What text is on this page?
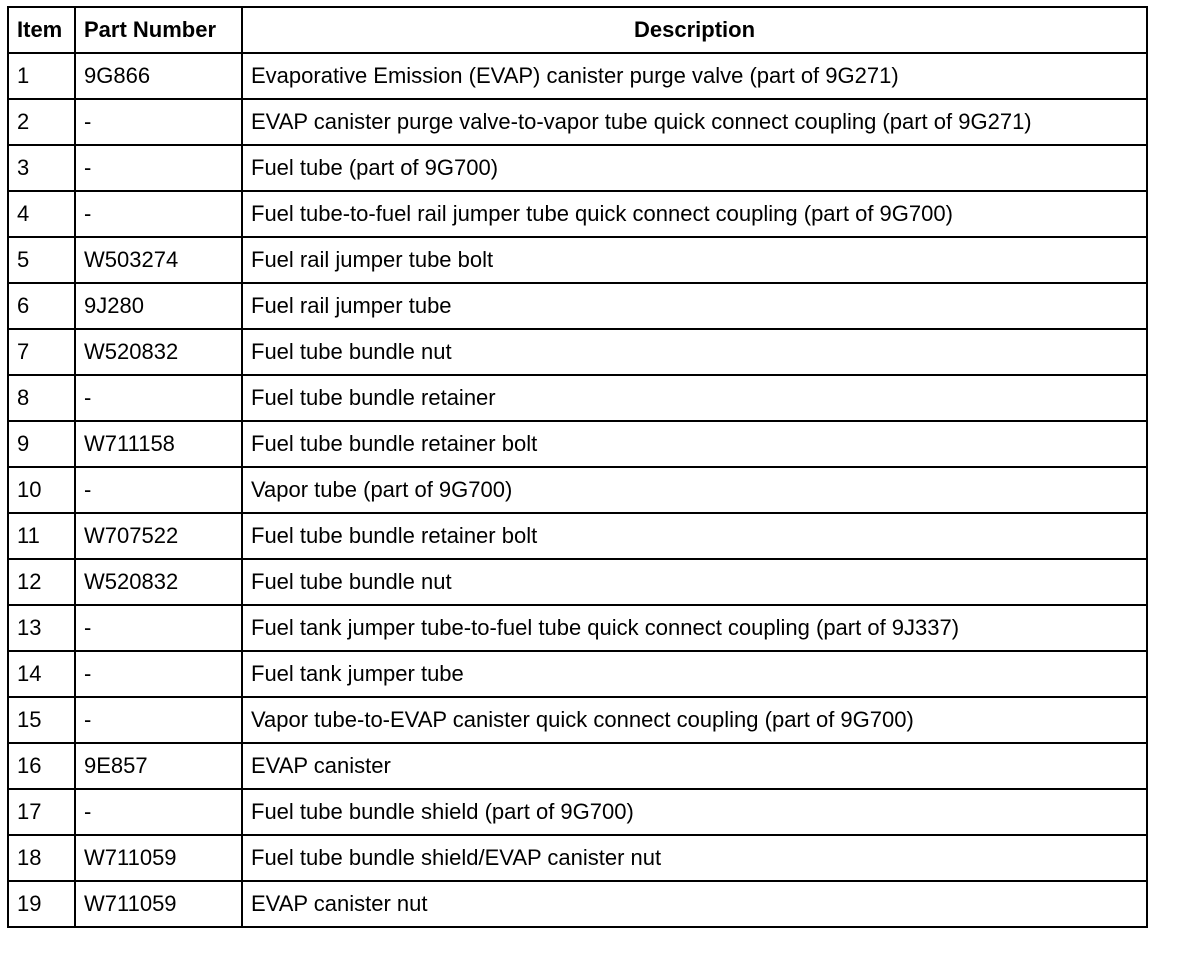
Item	Part Number	Description
1	9G866	Evaporative Emission (EVAP) canister purge valve (part of 9G271)
2	-	EVAP canister purge valve-to-vapor tube quick connect coupling (part of 9G271)
3	-	Fuel tube (part of 9G700)
4	-	Fuel tube-to-fuel rail jumper tube quick connect coupling (part of 9G700)
5	W503274	Fuel rail jumper tube bolt
6	9J280	Fuel rail jumper tube
7	W520832	Fuel tube bundle nut
8	-	Fuel tube bundle retainer
9	W711158	Fuel tube bundle retainer bolt
10	-	Vapor tube (part of 9G700)
11	W707522	Fuel tube bundle retainer bolt
12	W520832	Fuel tube bundle nut
13	-	Fuel tank jumper tube-to-fuel tube quick connect coupling (part of 9J337)
14	-	Fuel tank jumper tube
15	-	Vapor tube-to-EVAP canister quick connect coupling (part of 9G700)
16	9E857	EVAP canister
17	-	Fuel tube bundle shield (part of 9G700)
18	W711059	Fuel tube bundle shield/EVAP canister nut
19	W711059	EVAP canister nut
